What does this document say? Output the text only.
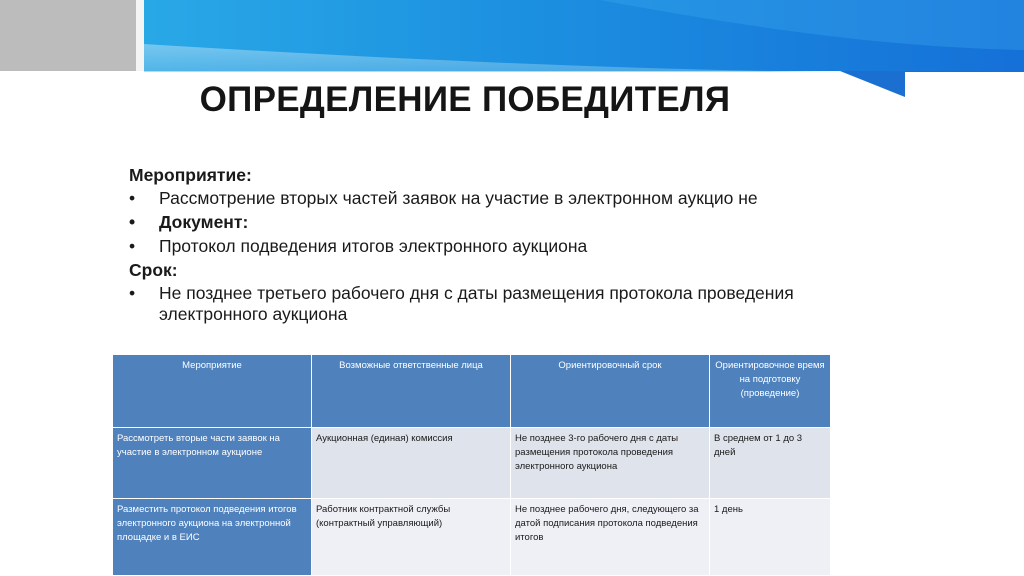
ОПРЕДЕЛЕНИЕ ПОБЕДИТЕЛЯ
Мероприятие:
• Рассмотрение вторых частей заявок на участие в электронном аукцио не
• Документ:
• Протокол подведения итогов электронного аукциона
Срок:
• Не позднее третьего рабочего дня с даты размещения протокола проведения электронного аукциона
Мероприятие	Возможные ответственные лица	Ориентировочный срок	Ориентировочное время на подготовку (проведение)
Рассмотреть вторые части заявок на участие в электронном аукционе	Аукционная (единая) комиссия	Не позднее 3-го рабочего дня с даты размещения протокола проведения электронного аукциона	В среднем от 1 до 3 дней
Разместить протокол подведения итогов электронного аукциона на электронной площадке и в ЕИС	Работник контрактной службы (контрактный управляющий)	Не позднее рабочего дня, следующего за датой подписания протокола подведения итогов	1 день
